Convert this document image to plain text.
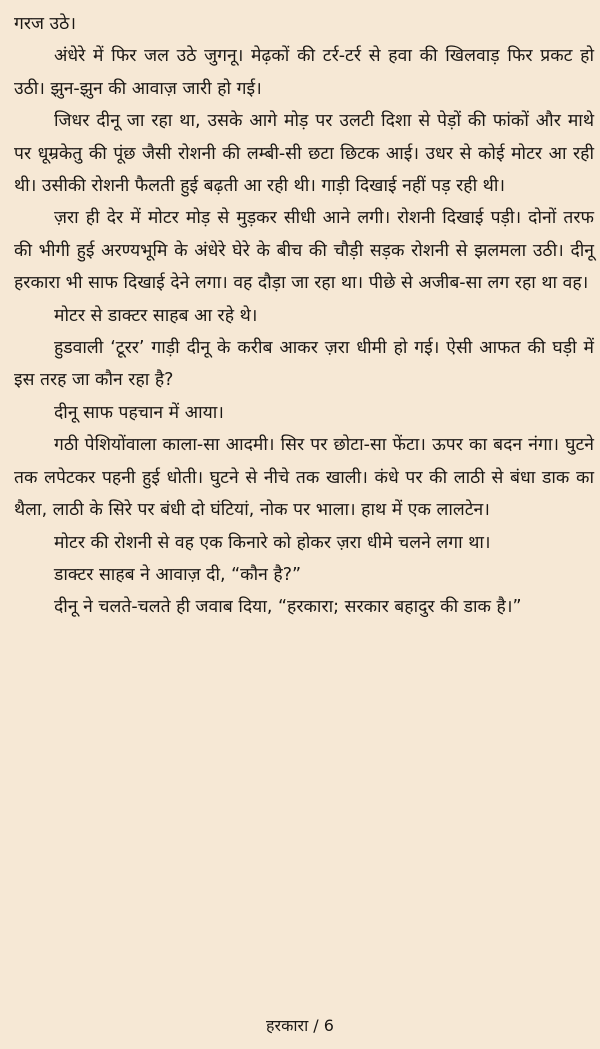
गरज उठे।

अंधेरे में फिर जल उठे जुगनू। मेढ़कों की टर्र-टर्र से हवा की खिलवाड़ फिर प्रकट हो उठी। झुन-झुन की आवाज़ जारी हो गई।

जिधर दीनू जा रहा था, उसके आगे मोड़ पर उलटी दिशा से पेड़ों की फांकों और माथे पर धूम्रकेतु की पूंछ जैसी रोशनी की लम्बी-सी छटा छिटक आई। उधर से कोई मोटर आ रही थी। उसीकी रोशनी फैलती हुई बढ़ती आ रही थी। गाड़ी दिखाई नहीं पड़ रही थी।

ज़रा ही देर में मोटर मोड़ से मुड़कर सीधी आने लगी। रोशनी दिखाई पड़ी। दोनों तरफ की भीगी हुई अरण्यभूमि के अंधेरे घेरे के बीच की चौड़ी सड़क रोशनी से झलमला उठी। दीनू हरकारा भी साफ दिखाई देने लगा। वह दौड़ा जा रहा था। पीछे से अजीब-सा लग रहा था वह।

मोटर से डाक्टर साहब आ रहे थे।

हुडवाली ‘टूरर’ गाड़ी दीनू के करीब आकर ज़रा धीमी हो गई। ऐसी आफत की घड़ी में इस तरह जा कौन रहा है?

दीनू साफ पहचान में आया।

गठी पेशियोंवाला काला-सा आदमी। सिर पर छोटा-सा फेंटा। ऊपर का बदन नंगा। घुटने तक लपेटकर पहनी हुई धोती। घुटने से नीचे तक खाली। कंधे पर की लाठी से बंधा डाक का थैला, लाठी के सिरे पर बंधी दो घंटियां, नोक पर भाला। हाथ में एक लालटेन।

मोटर की रोशनी से वह एक किनारे को होकर ज़रा धीमे चलने लगा था।

डाक्टर साहब ने आवाज़ दी, “कौन है?”

दीनू ने चलते-चलते ही जवाब दिया, “हरकारा; सरकार बहादुर की डाक है।”

हरकारा / 6
